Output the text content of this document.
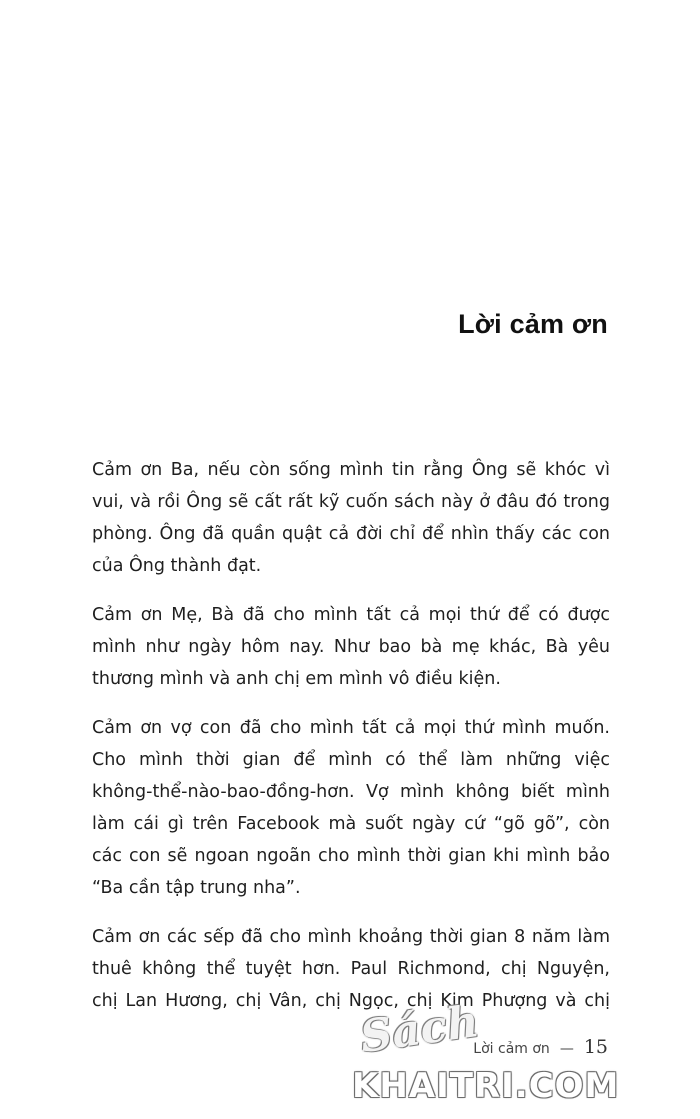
Lời cảm ơn

Cảm ơn Ba, nếu còn sống mình tin rằng Ông sẽ khóc vì
vui, và rồi Ông sẽ cất rất kỹ cuốn sách này ở đâu đó trong
phòng. Ông đã quần quật cả đời chỉ để nhìn thấy các con
của Ông thành đạt.

Cảm ơn Mẹ, Bà đã cho mình tất cả mọi thứ để có được
mình như ngày hôm nay. Như bao bà mẹ khác, Bà yêu
thương mình và anh chị em mình vô điều kiện.

Cảm ơn vợ con đã cho mình tất cả mọi thứ mình muốn.
Cho mình thời gian để mình có thể làm những việc
không-thể-nào-bao-đồng-hơn. Vợ mình không biết mình
làm cái gì trên Facebook mà suốt ngày cứ “gõ gõ”, còn
các con sẽ ngoan ngoãn cho mình thời gian khi mình bảo
“Ba cần tập trung nha”.

Cảm ơn các sếp đã cho mình khoảng thời gian 8 năm làm
thuê không thể tuyệt hơn. Paul Richmond, chị Nguyện,
chị Lan Hương, chị Vân, chị Ngọc, chị Kim Phượng và chị

Lời cảm ơn — 15
Sách
KHAITRI.COM
